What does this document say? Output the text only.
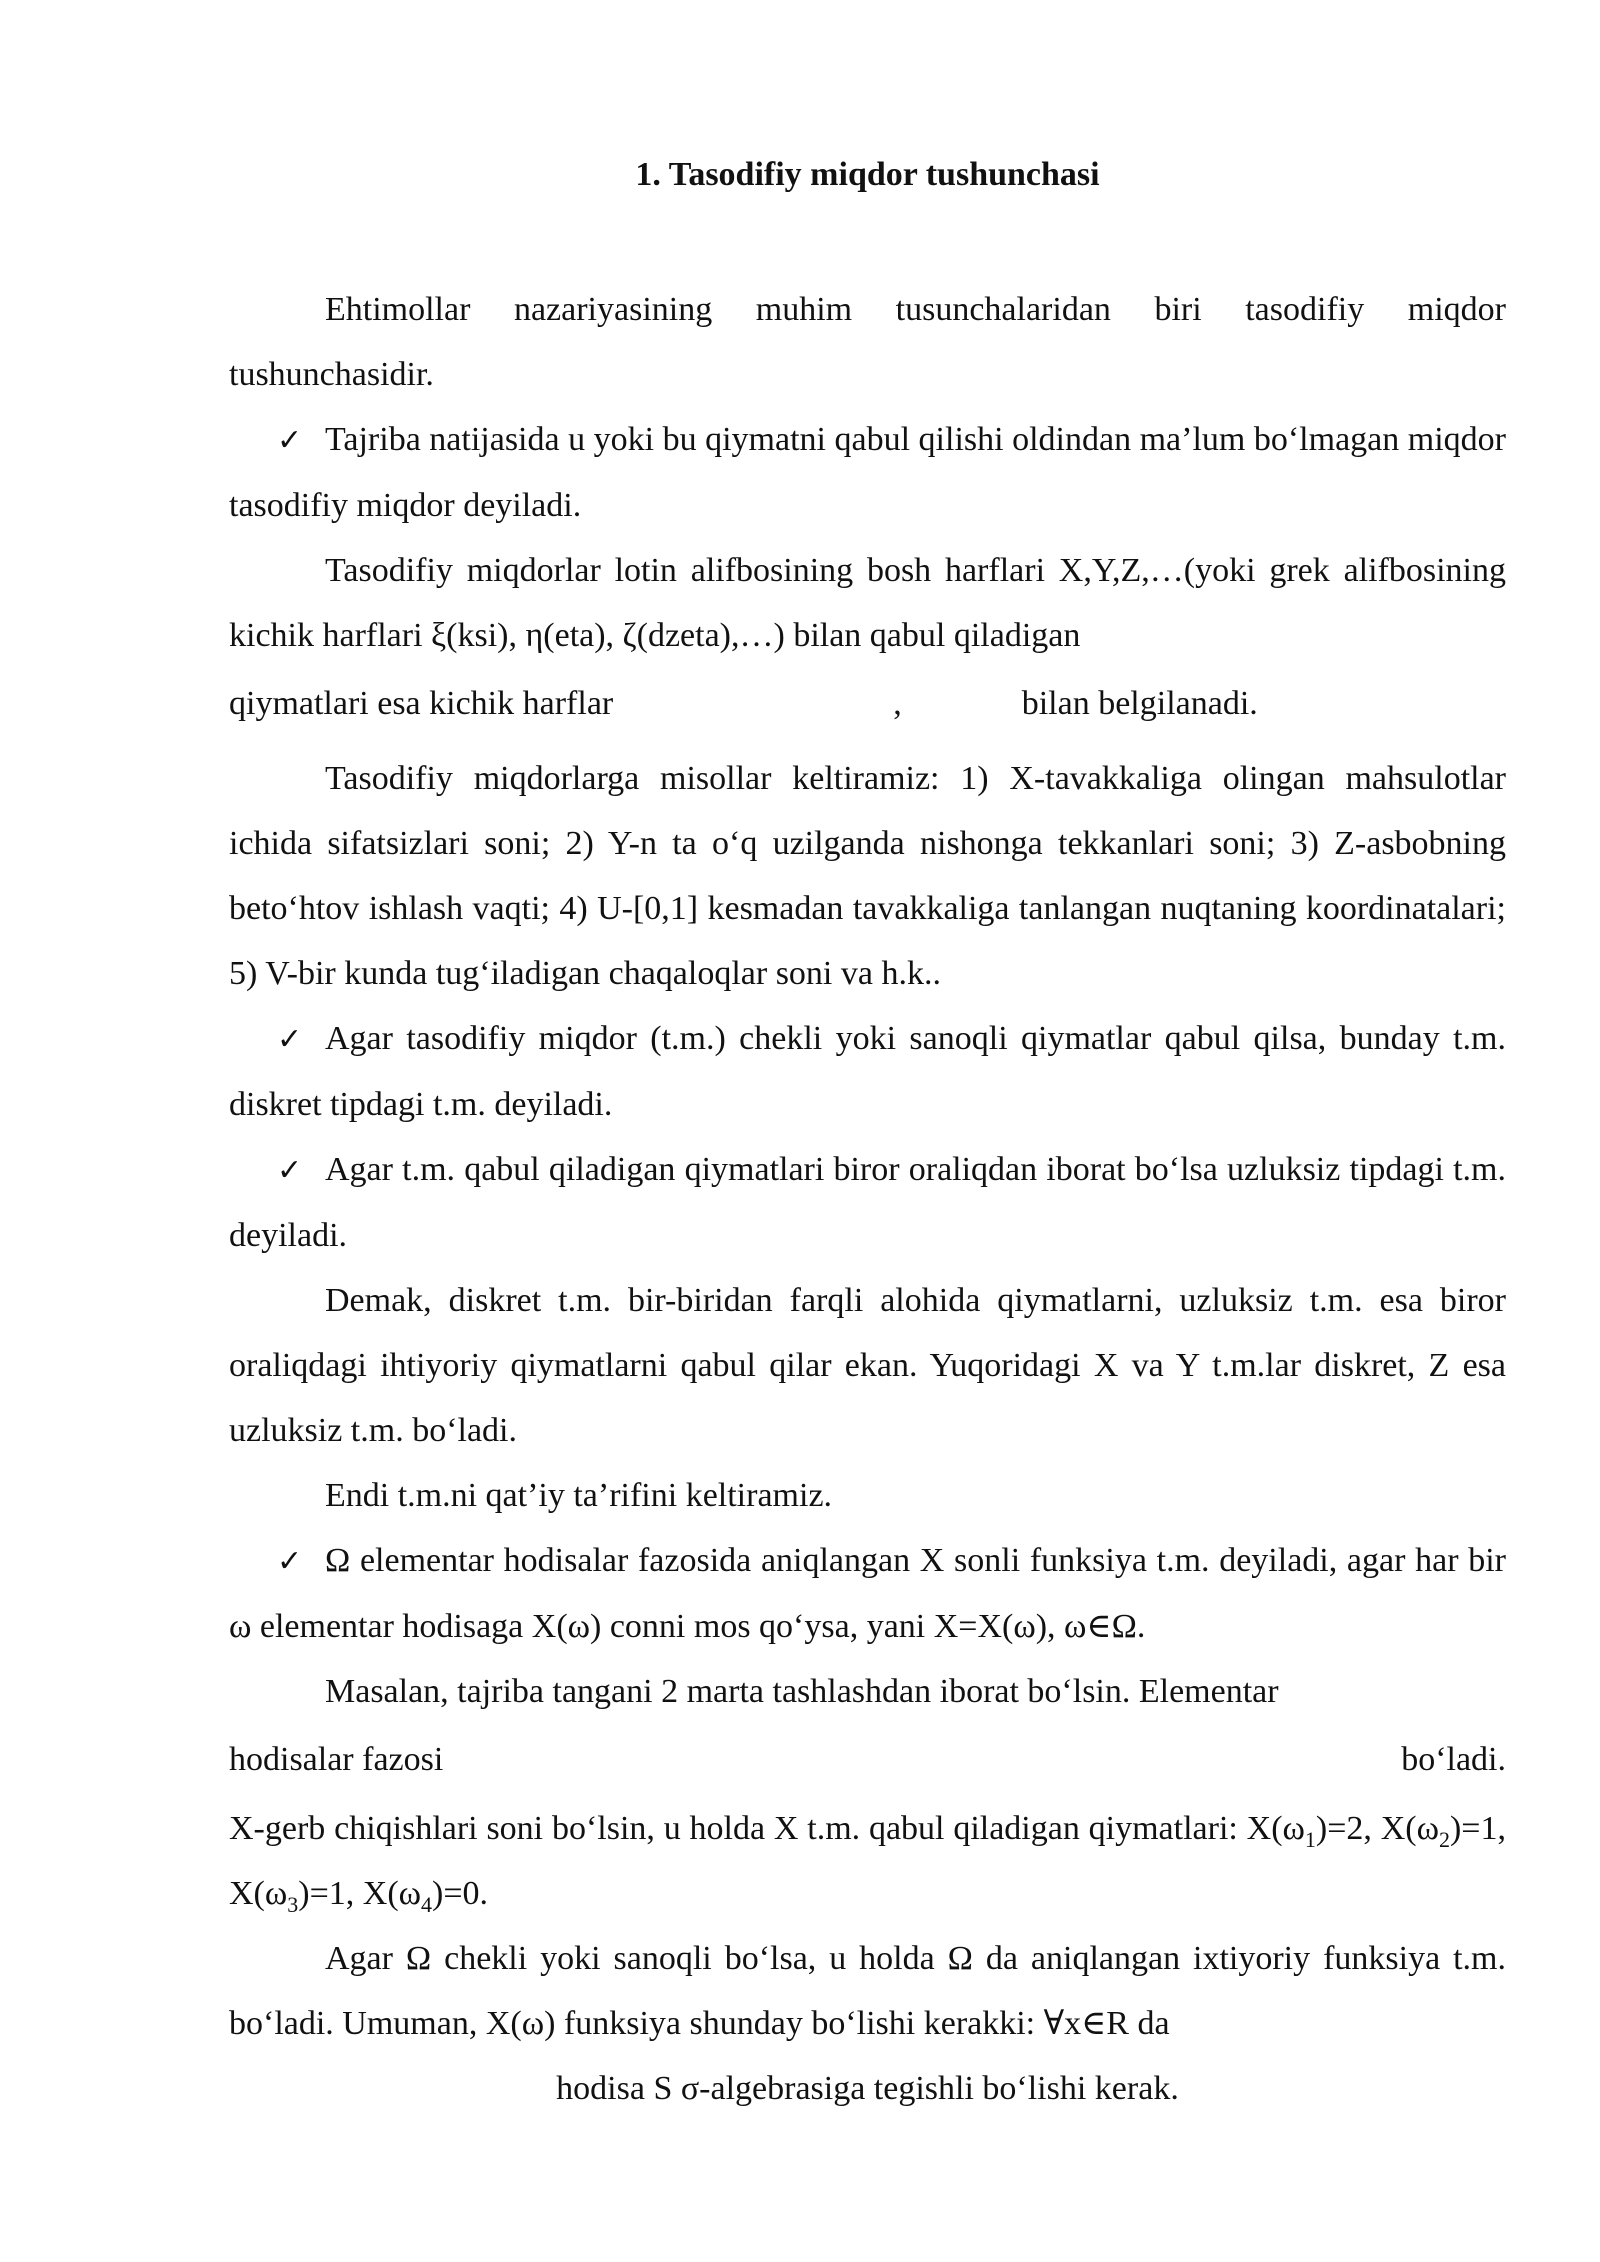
1. Tasodifiy miqdor tushunchasi

Ehtimollar nazariyasining muhim tusunchalaridan biri tasodifiy miqdor tushunchasidir.

✓ Tajriba natijasida u yoki bu qiymatni qabul qilishi oldindan ma’lum bo‘lmagan miqdor tasodifiy miqdor deyiladi.

Tasodifiy miqdorlar lotin alifbosining bosh harflari X,Y,Z,…(yoki grek alifbosining kichik harflari ξ(ksi), η(eta), ζ(dzeta),…) bilan qabul qiladigan

qiymatlari esa kichik harflar	,	bilan belgilanadi.

Tasodifiy miqdorlarga misollar keltiramiz: 1) X-tavakkaliga olingan mahsulotlar ichida sifatsizlari soni; 2) Y-n ta o‘q uzilganda nishonga tekkanlari soni; 3) Z-asbobning beto‘htov ishlash vaqti; 4) U-[0,1] kesmadan tavakkaliga tanlangan nuqtaning koordinatalari; 5) V-bir kunda tug‘iladigan chaqaloqlar soni va h.k..

✓ Agar tasodifiy miqdor (t.m.) chekli yoki sanoqli qiymatlar qabul qilsa, bunday t.m. diskret tipdagi t.m. deyiladi.

✓ Agar t.m. qabul qiladigan qiymatlari biror oraliqdan iborat bo‘lsa uzluksiz tipdagi t.m. deyiladi.

Demak, diskret t.m. bir-biridan farqli alohida qiymatlarni, uzluksiz t.m. esa biror oraliqdagi ihtiyoriy qiymatlarni qabul qilar ekan. Yuqoridagi X va Y t.m.lar diskret, Z esa uzluksiz t.m. bo‘ladi.

Endi t.m.ni qat’iy ta’rifini keltiramiz.

✓ Ω elementar hodisalar fazosida aniqlangan X sonli funksiya t.m. deyiladi, agar har bir ω elementar hodisaga X(ω) conni mos qo‘ysa, yani X=X(ω), ω∈Ω.

Masalan, tajriba tangani 2 marta tashlashdan iborat bo‘lsin. Elementar

hodisalar fazosi	bo‘ladi.

X-gerb chiqishlari soni bo‘lsin, u holda X t.m. qabul qiladigan qiymatlari: $X(\omega_1)=2$, $X(\omega_2)=1$, $X(\omega_3)=1$, $X(\omega_4)=0$.

Agar Ω chekli yoki sanoqli bo‘lsa, u holda Ω da aniqlangan ixtiyoriy funksiya t.m. bo‘ladi. Umuman, X(ω) funksiya shunday bo‘lishi kerakki: ∀x∈R da

hodisa S σ-algebrasiga tegishli bo‘lishi kerak.
